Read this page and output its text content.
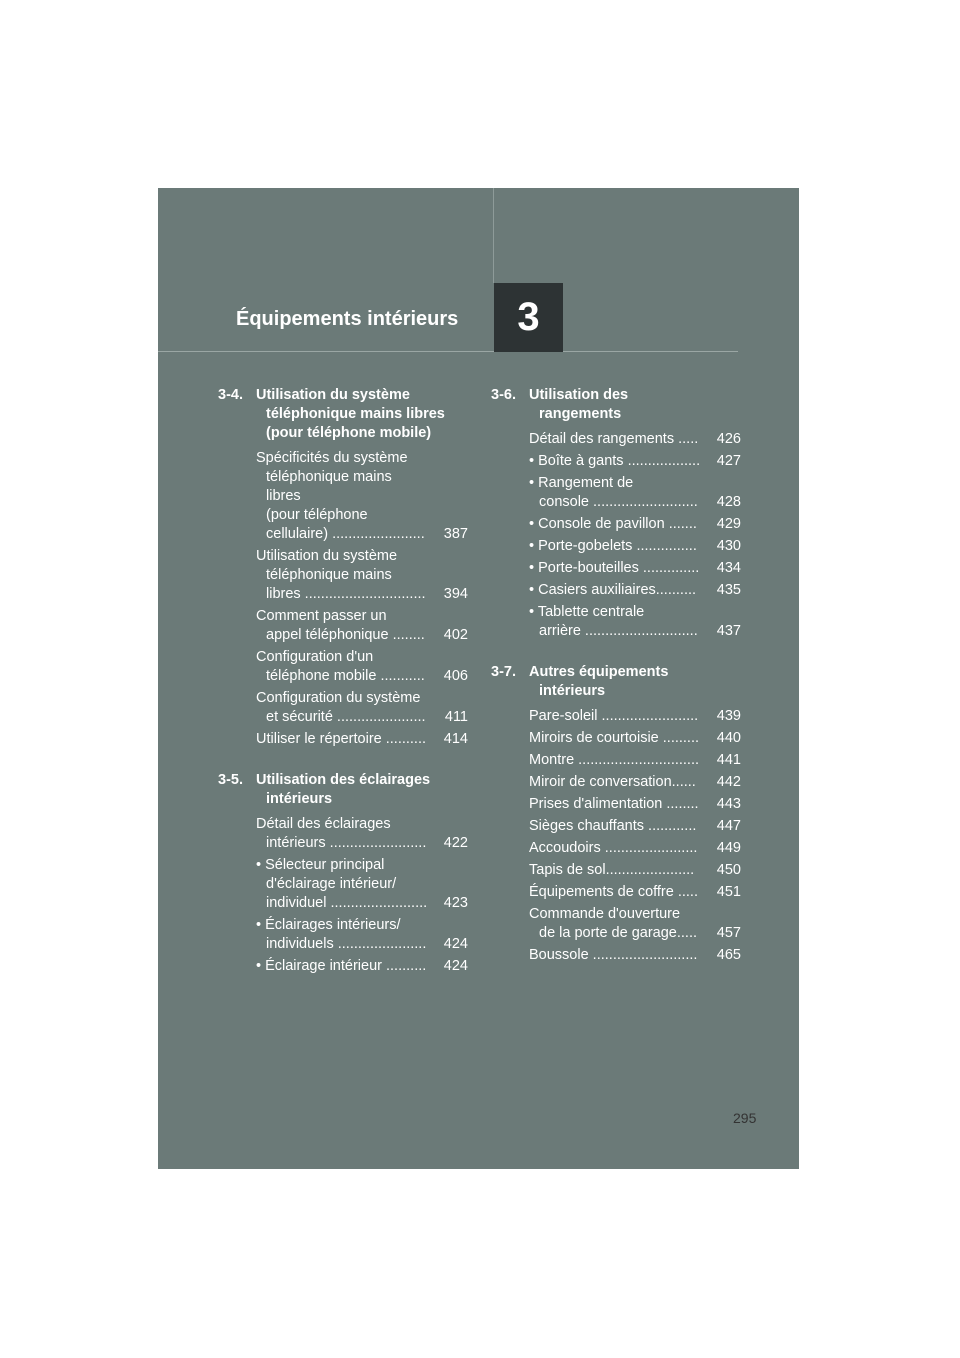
Équipements intérieurs	3
3-4. Utilisation du système
téléphonique mains libres
(pour téléphone mobile)
Spécificités du système
téléphonique mains libres
(pour téléphone
cellulaire) .......................	387
Utilisation du système
téléphonique mains
libres ..............................	394
Comment passer un
appel téléphonique ........	402
Configuration d'un
téléphone mobile ...........	406
Configuration du système
et sécurité ......................	411
Utiliser le répertoire .......... 414
3-5. Utilisation des éclairages
intérieurs
Détail des éclairages
intérieurs ........................ 422
• Sélecteur principal
d'éclairage intérieur/
individuel ........................ 423
• Éclairages intérieurs/
individuels ...................... 424
• Éclairage intérieur .......... 424
3-6. Utilisation des
rangements
Détail des rangements .....	426
• Boîte à gants .................. 427
• Rangement de
console ..........................	428
• Console de pavillon .......	429
• Porte-gobelets ...............	430
• Porte-bouteilles .............. 434
• Casiers auxiliaires..........	435
• Tablette centrale
arrière ............................	437
3-7. Autres équipements
intérieurs
Pare-soleil ........................	439
Miroirs de courtoisie ......... 440
Montre .............................. 441
Miroir de conversation......	442
Prises d'alimentation ........	443
Sièges chauffants ............	447
Accoudoirs .......................	449
Tapis de sol......................	450
Équipements de coffre .....	451
Commande d'ouverture
de la porte de garage.....	457
Boussole ..........................	465
295
